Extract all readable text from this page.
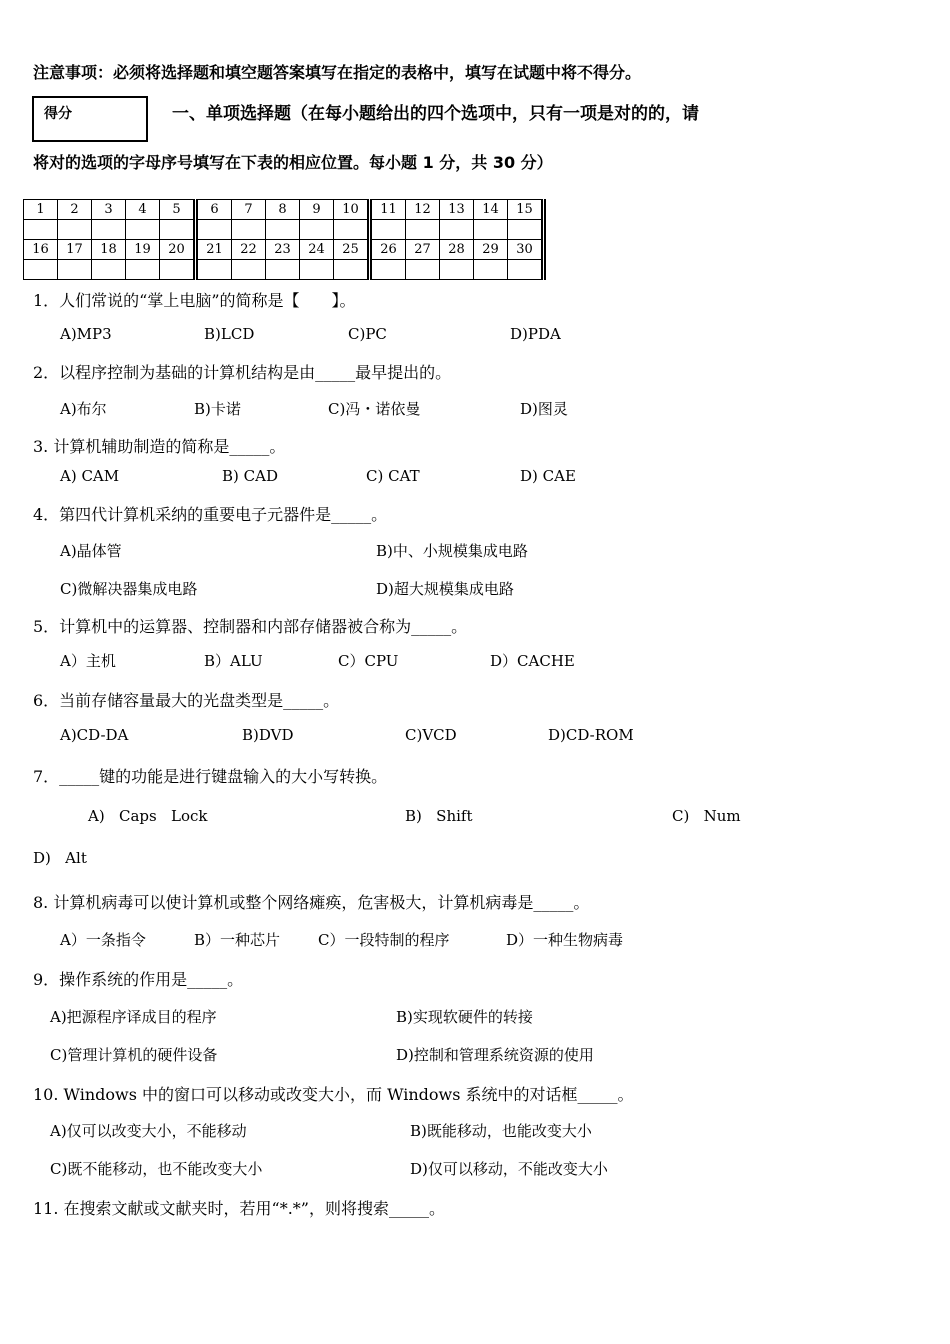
注意事项：必须将选择题和填空题答案填写在指定的表格中，填写在试题中将不得分。
得分	一、单项选择题（在每小题给出的四个选项中，只有一项是对的的，请
将对的选项的字母序号填写在下表的相应位置。每小题 1 分，共 30 分）
1	2	3	4	5	6	7	8	9	10	11	12	13	14	15

16	17	18	19	20	21	22	23	24	25	26	27	28	29	30

1．人们常说的“掌上电脑”的简称是【　　】。
A)MP3	B)LCD	C)PC	D)PDA
2．以程序控制为基础的计算机结构是由_____最早提出的。
A)布尔	B)卡诺	C)冯・诺依曼	D)图灵
3. 计算机辅助制造的简称是_____。
A) CAM	B) CAD	C) CAT	D) CAE
4．第四代计算机采纳的重要电子元器件是_____。
A)晶体管	B)中、小规模集成电路
C)微解决器集成电路	D)超大规模集成电路
5．计算机中的运算器、控制器和内部存储器被合称为_____。
A）主机	B）ALU	C）CPU	D）CACHE
6．当前存储容量最大的光盘类型是_____。
A)CD-DA	B)DVD	C)VCD	D)CD-ROM
7．_____键的功能是进行键盘输入的大小写转换。
A)   Caps   Lock	B)   Shift	C)   Num
D)   Alt
8. 计算机病毒可以使计算机或整个网络瘫痪，危害极大，计算机病毒是_____。
A）一条指令	B）一种芯片	C）一段特制的程序	D）一种生物病毒
9．操作系统的作用是_____。
A)把源程序译成目的程序	B)实现软硬件的转接
C)管理计算机的硬件设备	D)控制和管理系统资源的使用
10. Windows 中的窗口可以移动或改变大小，而 Windows 系统中的对话框_____。
A)仅可以改变大小，不能移动	B)既能移动，也能改变大小
C)既不能移动，也不能改变大小	D)仅可以移动，不能改变大小
11. 在搜索文献或文献夹时，若用“*.*”，则将搜索_____。
